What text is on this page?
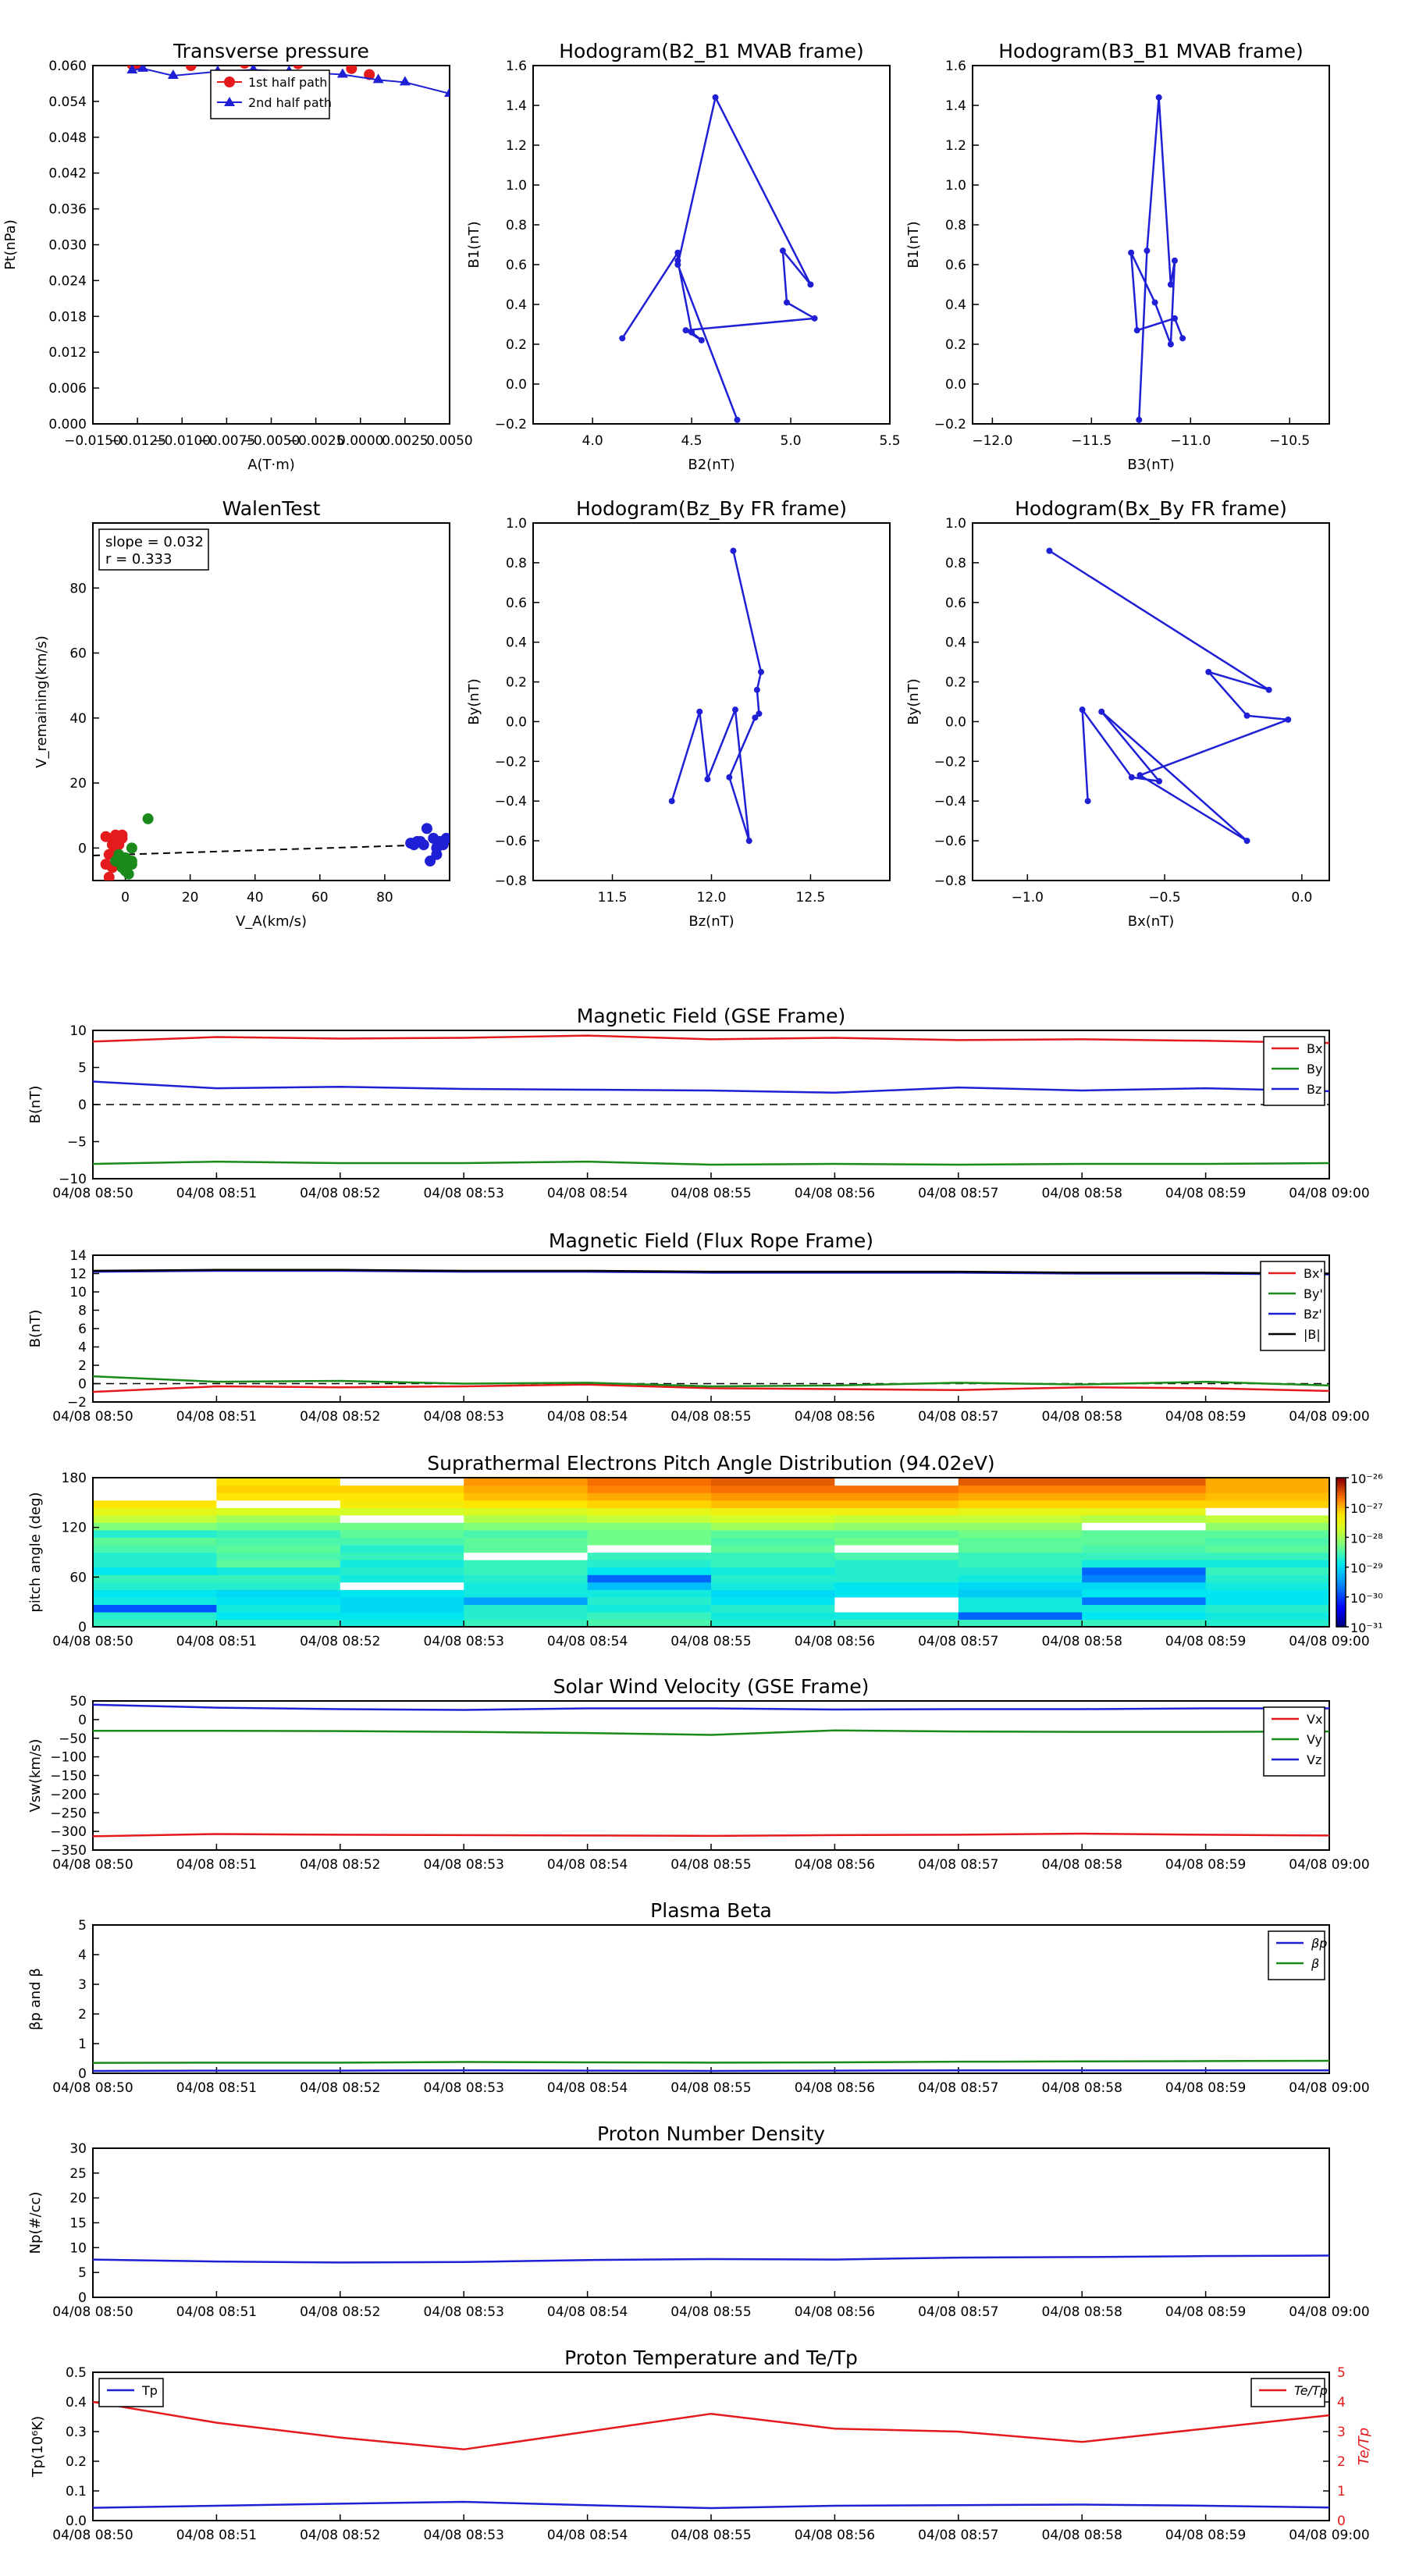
Transverse pressure
0.000
0.006
0.012
0.018
0.024
0.030
0.036
0.042
0.048
0.054
0.060
−0.0150
−0.0125
−0.0100
−0.0075
−0.0050
−0.0025
0.0000
0.0025
0.0050
A(T·m)
Pt(nPa)
1st half path
2nd half path
Hodogram(B2_B1 MVAB frame)
−0.2
0.0
0.2
0.4
0.6
0.8
1.0
1.2
1.4
1.6
4.0	4.5	5.0	5.5
B2(nT)
B1(nT)
Hodogram(B3_B1 MVAB frame)
−0.2
0.0
0.2
0.4
0.6
0.8
1.0
1.2
1.4
1.6
−12.0	−11.5	−11.0	−10.5
B3(nT)
B1(nT)
Hodogram(Bz_By FR frame)
−0.8
−0.6
−0.4
−0.2
0.0
0.2
0.4
0.6
0.8
1.0
11.5	12.0	12.5
Bz(nT)
By(nT)
Hodogram(Bx_By FR frame)
−0.8
−0.6
−0.4
−0.2
0.0
0.2
0.4
0.6
0.8
1.0
−1.0	−0.5	0.0
Bx(nT)
By(nT)
WalenTest
0
20
40
60
80
0	20	40	60	80
V_A(km/s)
V_remaining(km/s)
slope = 0.032
r = 0.333
Magnetic Field (GSE Frame)
−10
−5
0
5
10
04/08 08:50	04/08 08:51	04/08 08:52	04/08 08:53	04/08 08:54	04/08 08:55	04/08 08:56	04/08 08:57	04/08 08:58	04/08 08:59	04/08 09:00
B(nT)
Bx
By
Bz
Magnetic Field (Flux Rope Frame)
−2
0
2
4
6
8
10
12
14
04/08 08:50	04/08 08:51	04/08 08:52	04/08 08:53	04/08 08:54	04/08 08:55	04/08 08:56	04/08 08:57	04/08 08:58	04/08 08:59	04/08 09:00
B(nT)
Bx'
By'
Bz'
|B|
Solar Wind Velocity (GSE Frame)
−350
−300
−250
−200
−150
−100
−50
0
50
04/08 08:50	04/08 08:51	04/08 08:52	04/08 08:53	04/08 08:54	04/08 08:55	04/08 08:56	04/08 08:57	04/08 08:58	04/08 08:59	04/08 09:00
Vsw(km/s)
Vx
Vy
Vz
Plasma Beta
0
1
2
3
4
5
04/08 08:50	04/08 08:51	04/08 08:52	04/08 08:53	04/08 08:54	04/08 08:55	04/08 08:56	04/08 08:57	04/08 08:58	04/08 08:59	04/08 09:00
βp and β
βp
β
Proton Number Density
0
5
10
15
20
25
30
04/08 08:50	04/08 08:51	04/08 08:52	04/08 08:53	04/08 08:54	04/08 08:55	04/08 08:56	04/08 08:57	04/08 08:58	04/08 08:59	04/08 09:00
Np(#/cc)
Proton Temperature and Te/Tp
0.0
0.1
0.2
0.3
0.4
0.5
0
1
2
3
4
5
04/08 08:50	04/08 08:51	04/08 08:52	04/08 08:53	04/08 08:54	04/08 08:55	04/08 08:56	04/08 08:57	04/08 08:58	04/08 08:59	04/08 09:00
Tp(10⁶K)	Te/Tp
Tp	Te/Tp
Suprathermal Electrons Pitch Angle Distribution (94.02eV)
0
60
120
180
04/08 08:50	04/08 08:51	04/08 08:52	04/08 08:53	04/08 08:54	04/08 08:55	04/08 08:56	04/08 08:57	04/08 08:58	04/08 08:59	04/08 09:00
pitch angle (deg)
10⁻²⁶
10⁻²⁷
10⁻²⁸
10⁻²⁹
10⁻³⁰
10⁻³¹
